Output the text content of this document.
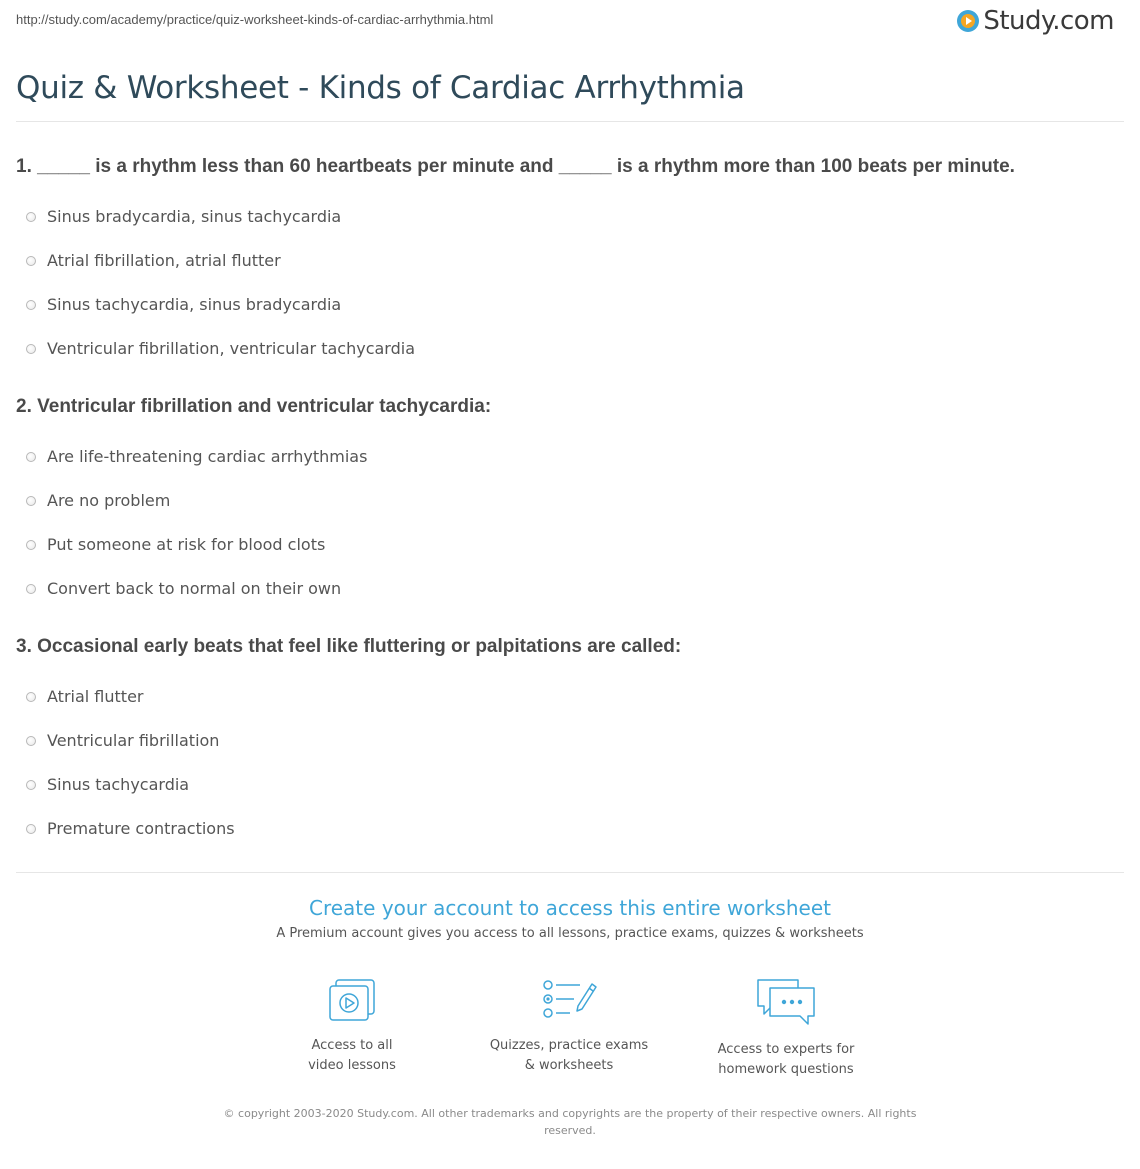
http://study.com/academy/practice/quiz-worksheet-kinds-of-cardiac-arrhythmia.html	Study.com
Quiz & Worksheet - Kinds of Cardiac Arrhythmia

1. _____ is a rhythm less than 60 heartbeats per minute and _____ is a rhythm more than 100 beats per minute.

Sinus bradycardia, sinus tachycardia
Atrial fibrillation, atrial flutter
Sinus tachycardia, sinus bradycardia
Ventricular fibrillation, ventricular tachycardia

2. Ventricular fibrillation and ventricular tachycardia:

Are life-threatening cardiac arrhythmias
Are no problem
Put someone at risk for blood clots
Convert back to normal on their own

3. Occasional early beats that feel like fluttering or palpitations are called:

Atrial flutter
Ventricular fibrillation
Sinus tachycardia
Premature contractions
Create your account to access this entire worksheet
A Premium account gives you access to all lessons, practice exams, quizzes & worksheets
Access to all
video lessons
Quizzes, practice exams
& worksheets
Access to experts for
homework questions
© copyright 2003-2020 Study.com. All other trademarks and copyrights are the property of their respective owners. All rights reserved.
